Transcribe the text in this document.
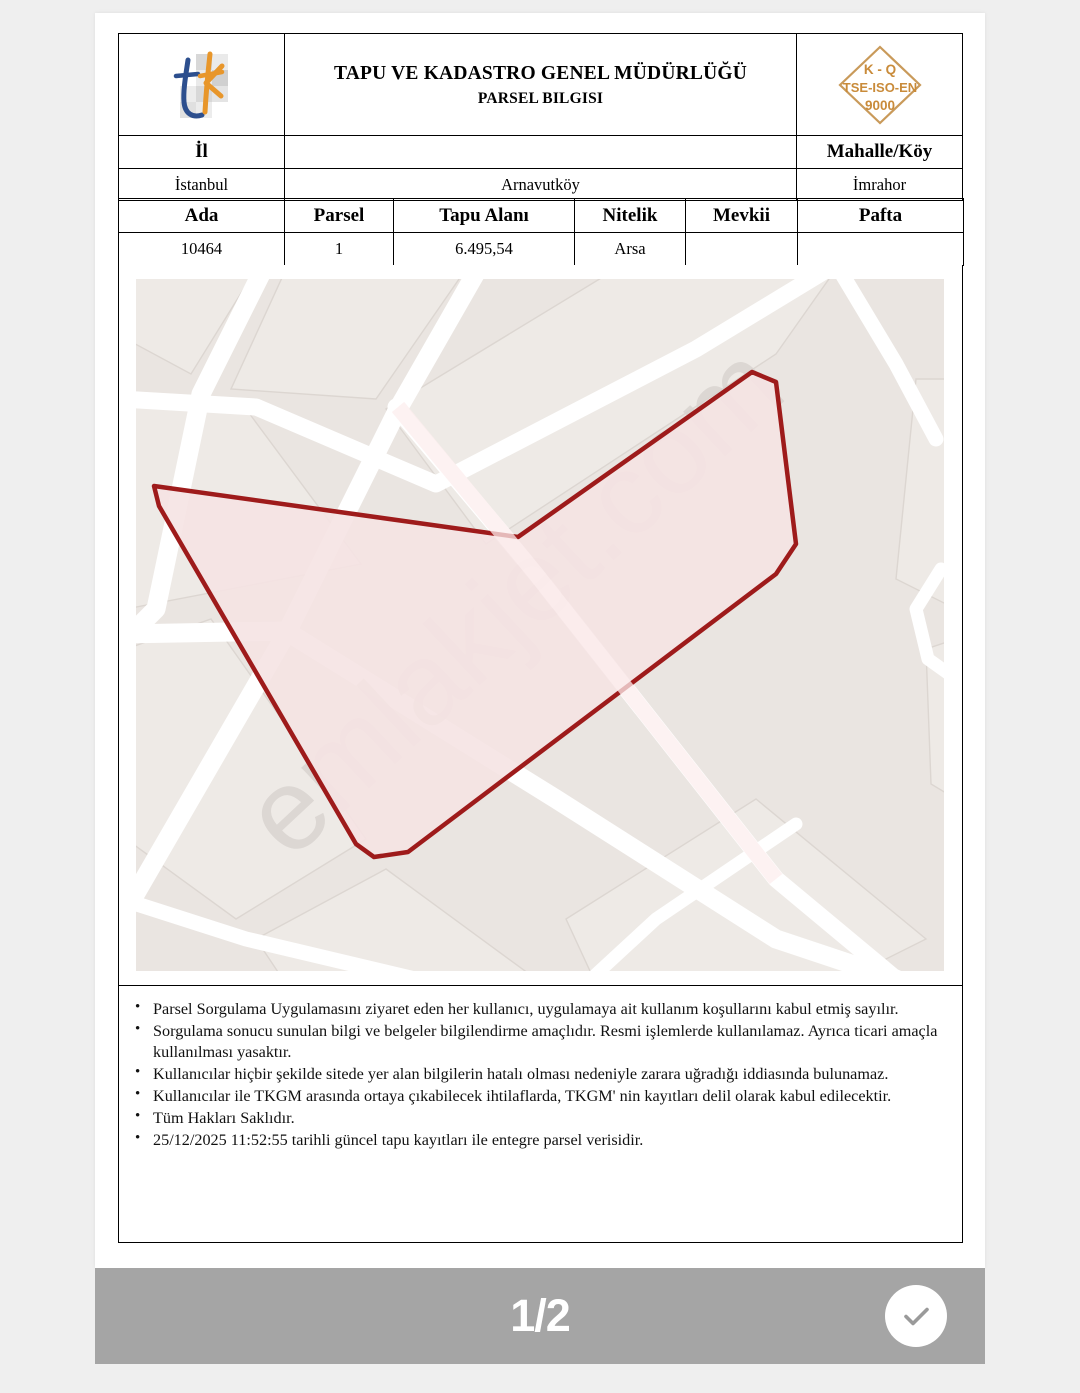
TAPU VE KADASTRO GENEL MÜDÜRLÜĞÜ
PARSEL BILGISI

K - Q
TSE-ISO-EN
9000

İl		Mahalle/Köy
İstanbul	Arnavutköy	İmrahor
Ada	Parsel	Tapu Alanı	Nitelik	Mevkii	Pafta
10464	1	6.495,54	Arsa		
• Parsel Sorgulama Uygulamasını ziyaret eden her kullanıcı, uygulamaya ait kullanım koşullarını kabul etmiş sayılır.
• Sorgulama sonucu sunulan bilgi ve belgeler bilgilendirme amaçlıdır. Resmi işlemlerde kullanılamaz. Ayrıca ticari amaçla kullanılması yasaktır.
• Kullanıcılar hiçbir şekilde sitede yer alan bilgilerin hatalı olması nedeniyle zarara uğradığı iddiasında bulunamaz.
• Kullanıcılar ile TKGM arasında ortaya çıkabilecek ihtilaflarda, TKGM' nin kayıtları delil olarak kabul edilecektir.
• Tüm Hakları Saklıdır.
• 25/12/2025 11:52:55 tarihli güncel tapu kayıtları ile entegre parsel verisidir.
1/2
